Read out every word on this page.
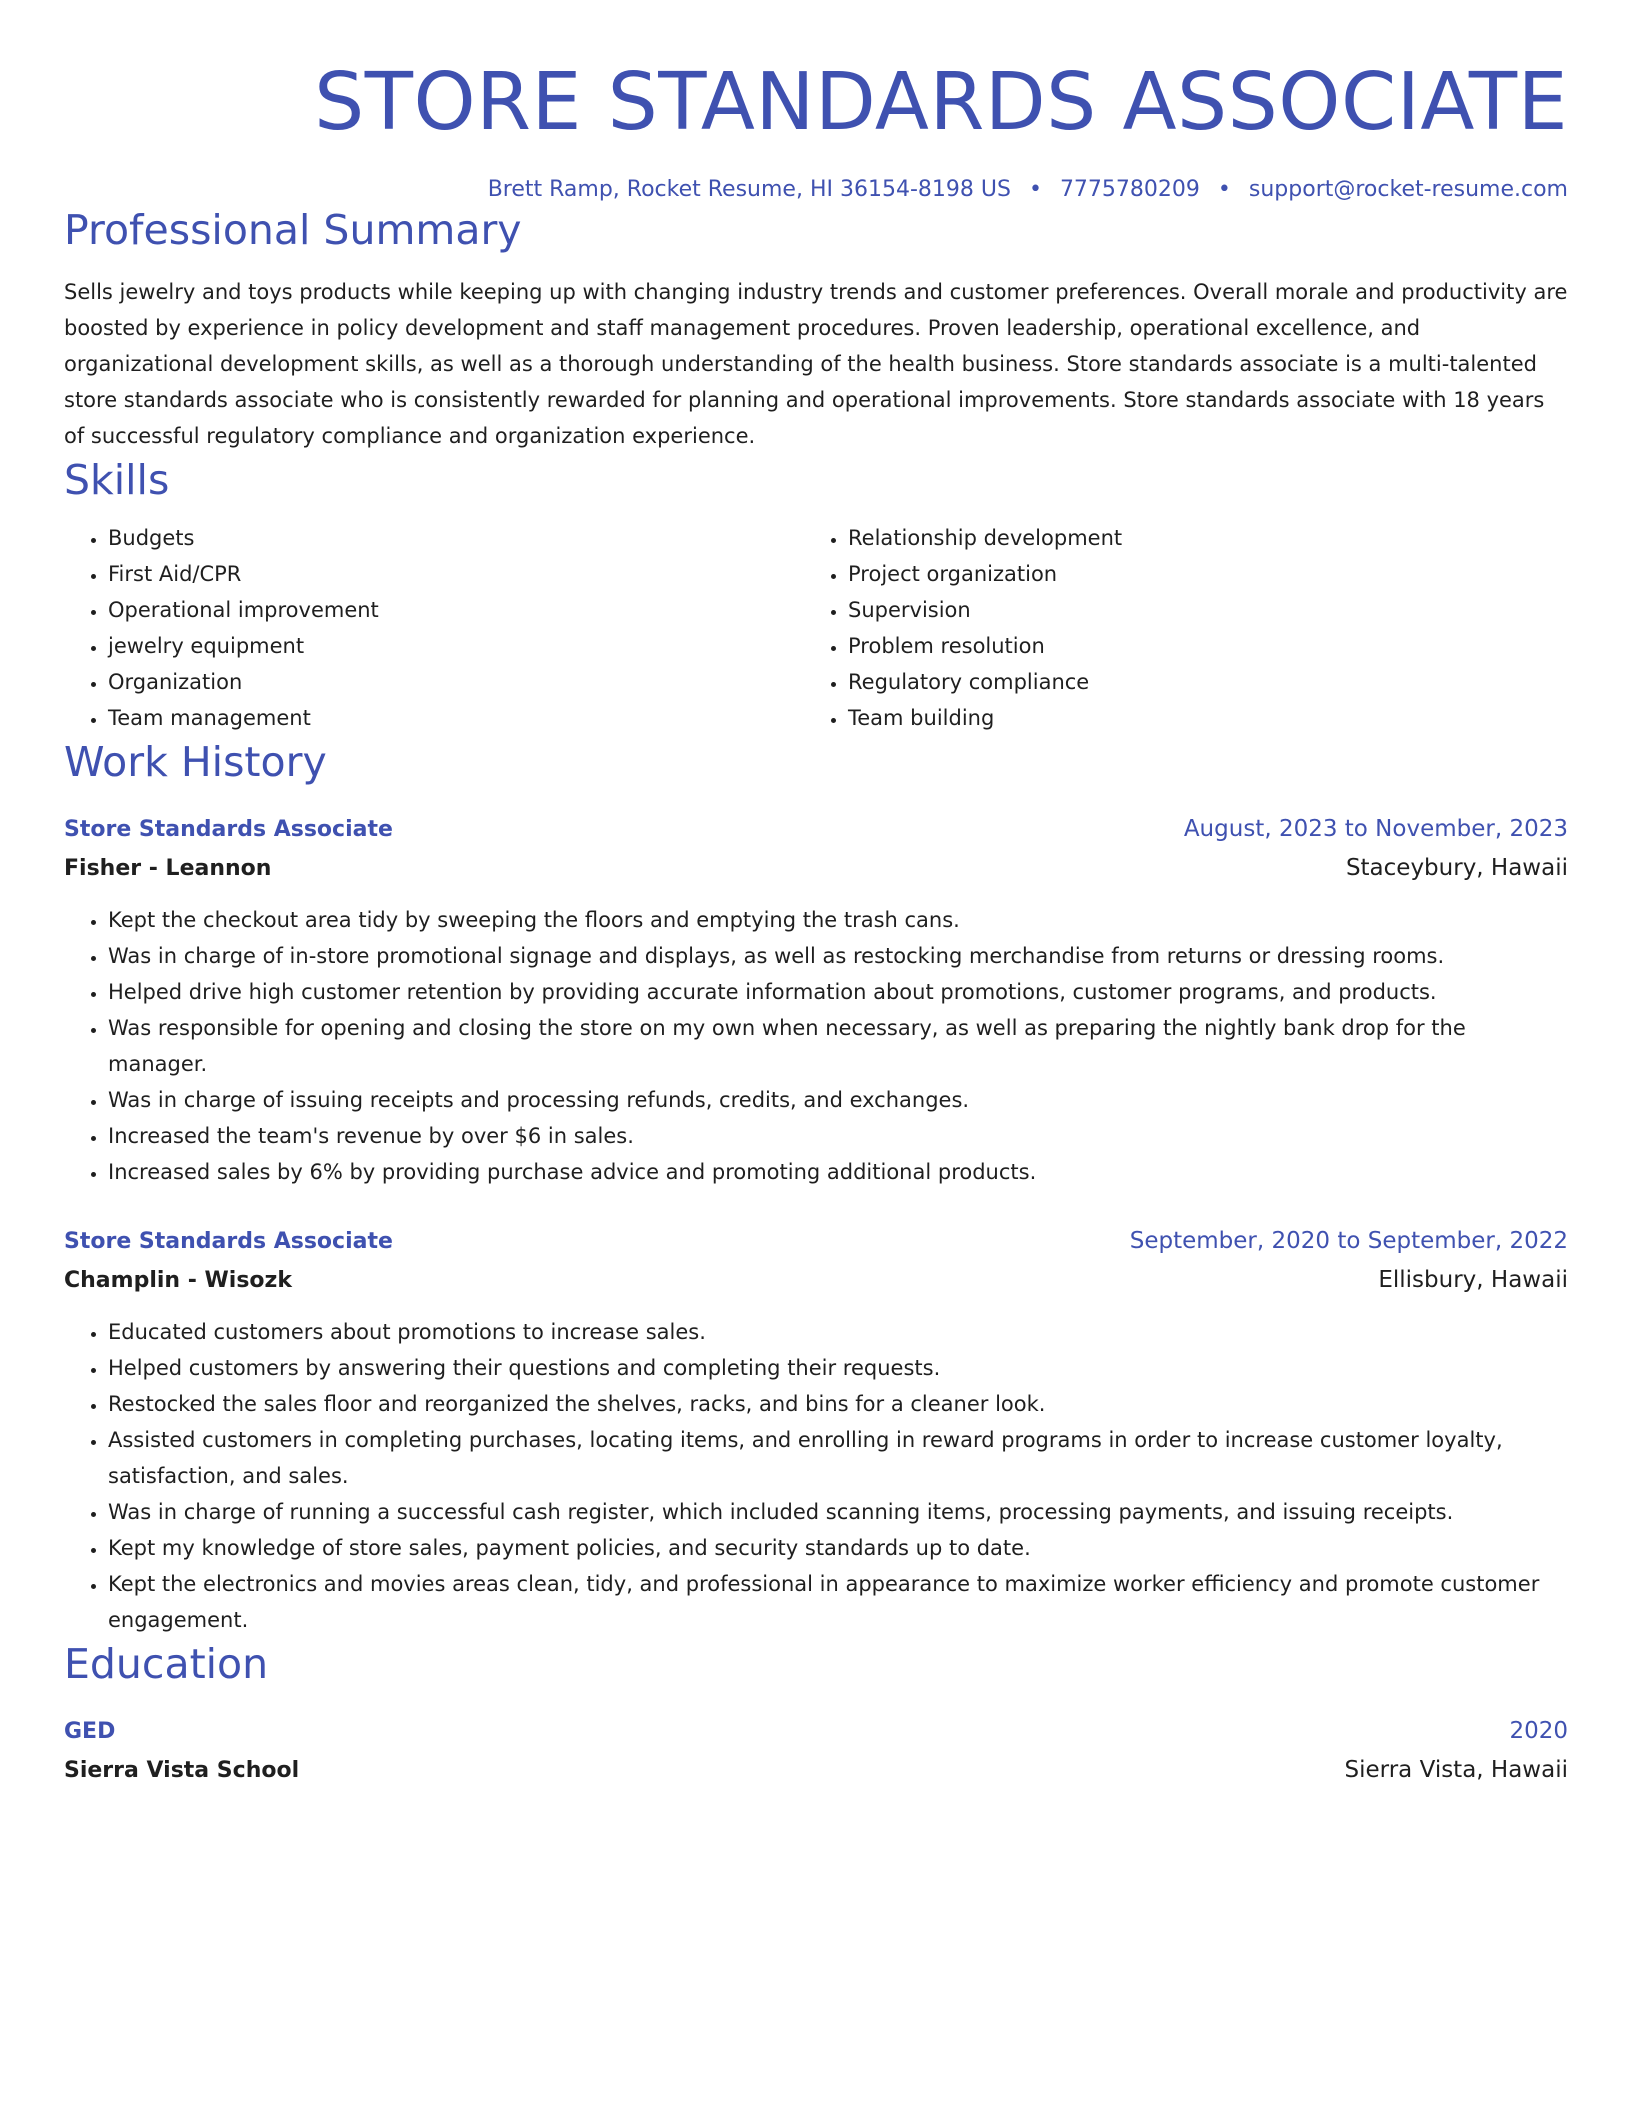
STORE STANDARDS ASSOCIATE
Brett Ramp, Rocket Resume, HI 36154-8198 US • 7775780209 • support@rocket-resume.com
Professional Summary

Sells jewelry and toys products while keeping up with changing industry trends and customer preferences. Overall morale and productivity are boosted by experience in policy development and staff management procedures. Proven leadership, operational excellence, and organizational development skills, as well as a thorough understanding of the health business. Store standards associate is a multi-talented store standards associate who is consistently rewarded for planning and operational improvements. Store standards associate with 18 years of successful regulatory compliance and organization experience.

Skills
• Budgets
• First Aid/CPR
• Operational improvement
• jewelry equipment
• Organization
• Team management
• Relationship development
• Project organization
• Supervision
• Problem resolution
• Regulatory compliance
• Team building
Work History
Store Standards Associate	August, 2023 to November, 2023
Fisher - Leannon	Staceybury, Hawaii
• Kept the checkout area tidy by sweeping the floors and emptying the trash cans.
• Was in charge of in-store promotional signage and displays, as well as restocking merchandise from returns or dressing rooms.
• Helped drive high customer retention by providing accurate information about promotions, customer programs, and products.
• Was responsible for opening and closing the store on my own when necessary, as well as preparing the nightly bank drop for the manager.
• Was in charge of issuing receipts and processing refunds, credits, and exchanges.
• Increased the team's revenue by over $6 in sales.
• Increased sales by 6% by providing purchase advice and promoting additional products.
Store Standards Associate	September, 2020 to September, 2022
Champlin - Wisozk	Ellisbury, Hawaii
• Educated customers about promotions to increase sales.
• Helped customers by answering their questions and completing their requests.
• Restocked the sales floor and reorganized the shelves, racks, and bins for a cleaner look.
• Assisted customers in completing purchases, locating items, and enrolling in reward programs in order to increase customer loyalty, satisfaction, and sales.
• Was in charge of running a successful cash register, which included scanning items, processing payments, and issuing receipts.
• Kept my knowledge of store sales, payment policies, and security standards up to date.
• Kept the electronics and movies areas clean, tidy, and professional in appearance to maximize worker efficiency and promote customer engagement.
Education
GED	2020
Sierra Vista School	Sierra Vista, Hawaii
